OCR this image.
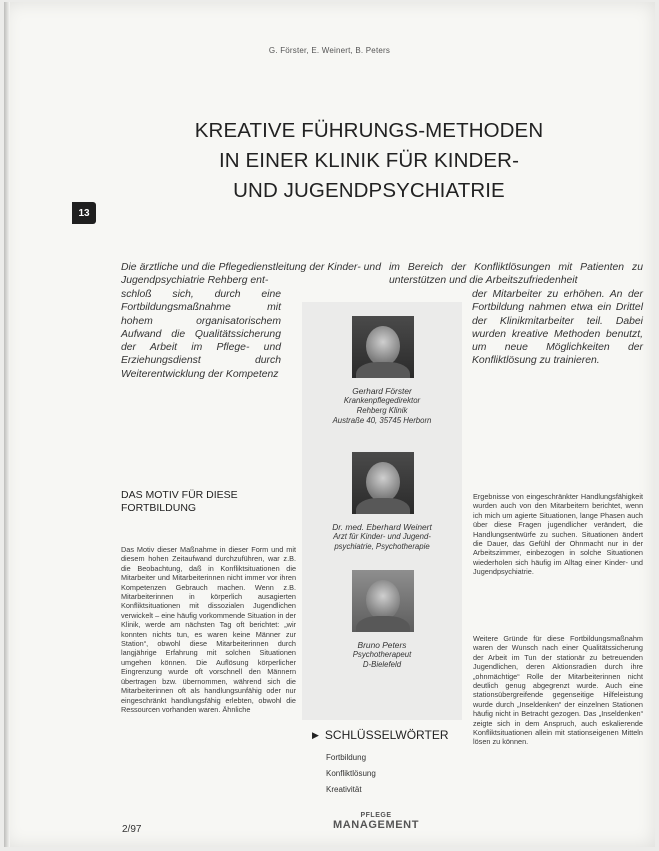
G. Förster, E. Weinert, B. Peters
KREATIVE FÜHRUNGS-METHODEN
IN EINER KLINIK FÜR KINDER-
UND JUGENDPSYCHIATRIE
13
Die ärztliche und die Pflegedienstleitung der Kinder- und Jugendpsychiatrie Rehberg ent-
im Bereich der Konfliktlösungen mit Patienten zu unterstützen und die Arbeitszufriedenheit
schloß sich, durch eine Fortbildungsmaßnahme mit hohem organisatorischem Aufwand die Qualitätssicherung der Arbeit im Pflege- und Erziehungsdienst durch Weiterentwicklung der Kompetenz
der Mitarbeiter zu erhöhen. An der Fortbildung nahmen etwa ein Drittel der Klinikmitarbeiter teil. Dabei wurden kreative Methoden benutzt, um neue Möglichkeiten der Konfliktlösung zu trainieren.
Gerhard Förster
Krankenpflegedirektor
Rehberg Klinik
Austraße 40, 35745 Herborn
Dr. med. Eberhard Weinert
Arzt für Kinder- und Jugend-
psychiatrie, Psychotherapie
Bruno Peters
Psychotherapeut
D-Bielefeld
▶ SCHLÜSSELWÖRTER
Fortbildung
Konfliktlösung
Kreativität
DAS MOTIV FÜR DIESE FORTBILDUNG
Das Motiv dieser Maßnahme in dieser Form und mit diesem hohen Zeitaufwand durchzuführen, war z.B. die Beobachtung, daß in Konfliktsituationen die Mitarbeiter und Mitarbeiterinnen nicht immer vor ihren Kompetenzen Gebrauch machen. Wenn z.B. Mitarbeiterinnen in körperlich ausagierten Konfliktsituationen mit dissozialen Jugendlichen verwickelt – eine häufig vorkommende Situation in der Klinik, werde am nächsten Tag oft berichtet: „wir konnten nichts tun, es waren keine Männer zur Station“, obwohl diese Mitarbeiterinnen durch langjährige Erfahrung mit solchen Situationen umgehen können. Die Auflösung körperlicher Eingrenzung wurde oft vorschnell den Männern übertragen bzw. übernommen, während sich die Mitarbeiterinnen oft als handlungsunfähig oder nur eingeschränkt handlungsfähig erlebten, obwohl die Ressourcen vorhanden waren. Ähnliche
Ergebnisse von eingeschränkter Handlungsfähigkeit wurden auch von den Mitarbeitern berichtet, wenn ich mich um agierte Situationen, lange Phasen auch über diese Fragen jugendlicher verändert, die Handlungsentwürfe zu suchen. Situationen ändert die Dauer, das Gefühl der Ohnmacht nur in der Arbeitszimmer, einbezogen in solche Situationen wiederholen sich häufig im Alltag einer Kinder- und Jugendpsychiatrie.
Weitere Gründe für diese Fortbildungsmaßnahm waren der Wunsch nach einer Qualitätssicherung der Arbeit im Tun der stationär zu betreuenden Jugendlichen, deren Aktionsradien durch ihre „ohnmächtige“ Rolle der Mitarbeiterinnen nicht deutlich genug abgegrenzt wurde. Auch eine stationsübergreifende gegenseitige Hilfeleistung wurde durch „Inseldenken“ der einzelnen Stationen häufig nicht in Betracht gezogen. Das „Inseldenken“ zeigte sich in dem Anspruch, auch eskalierende Konfliktsituationen allein mit stationseigenen Mitteln lösen zu können.
2/97
PFLEGE
MANAGEMENT
